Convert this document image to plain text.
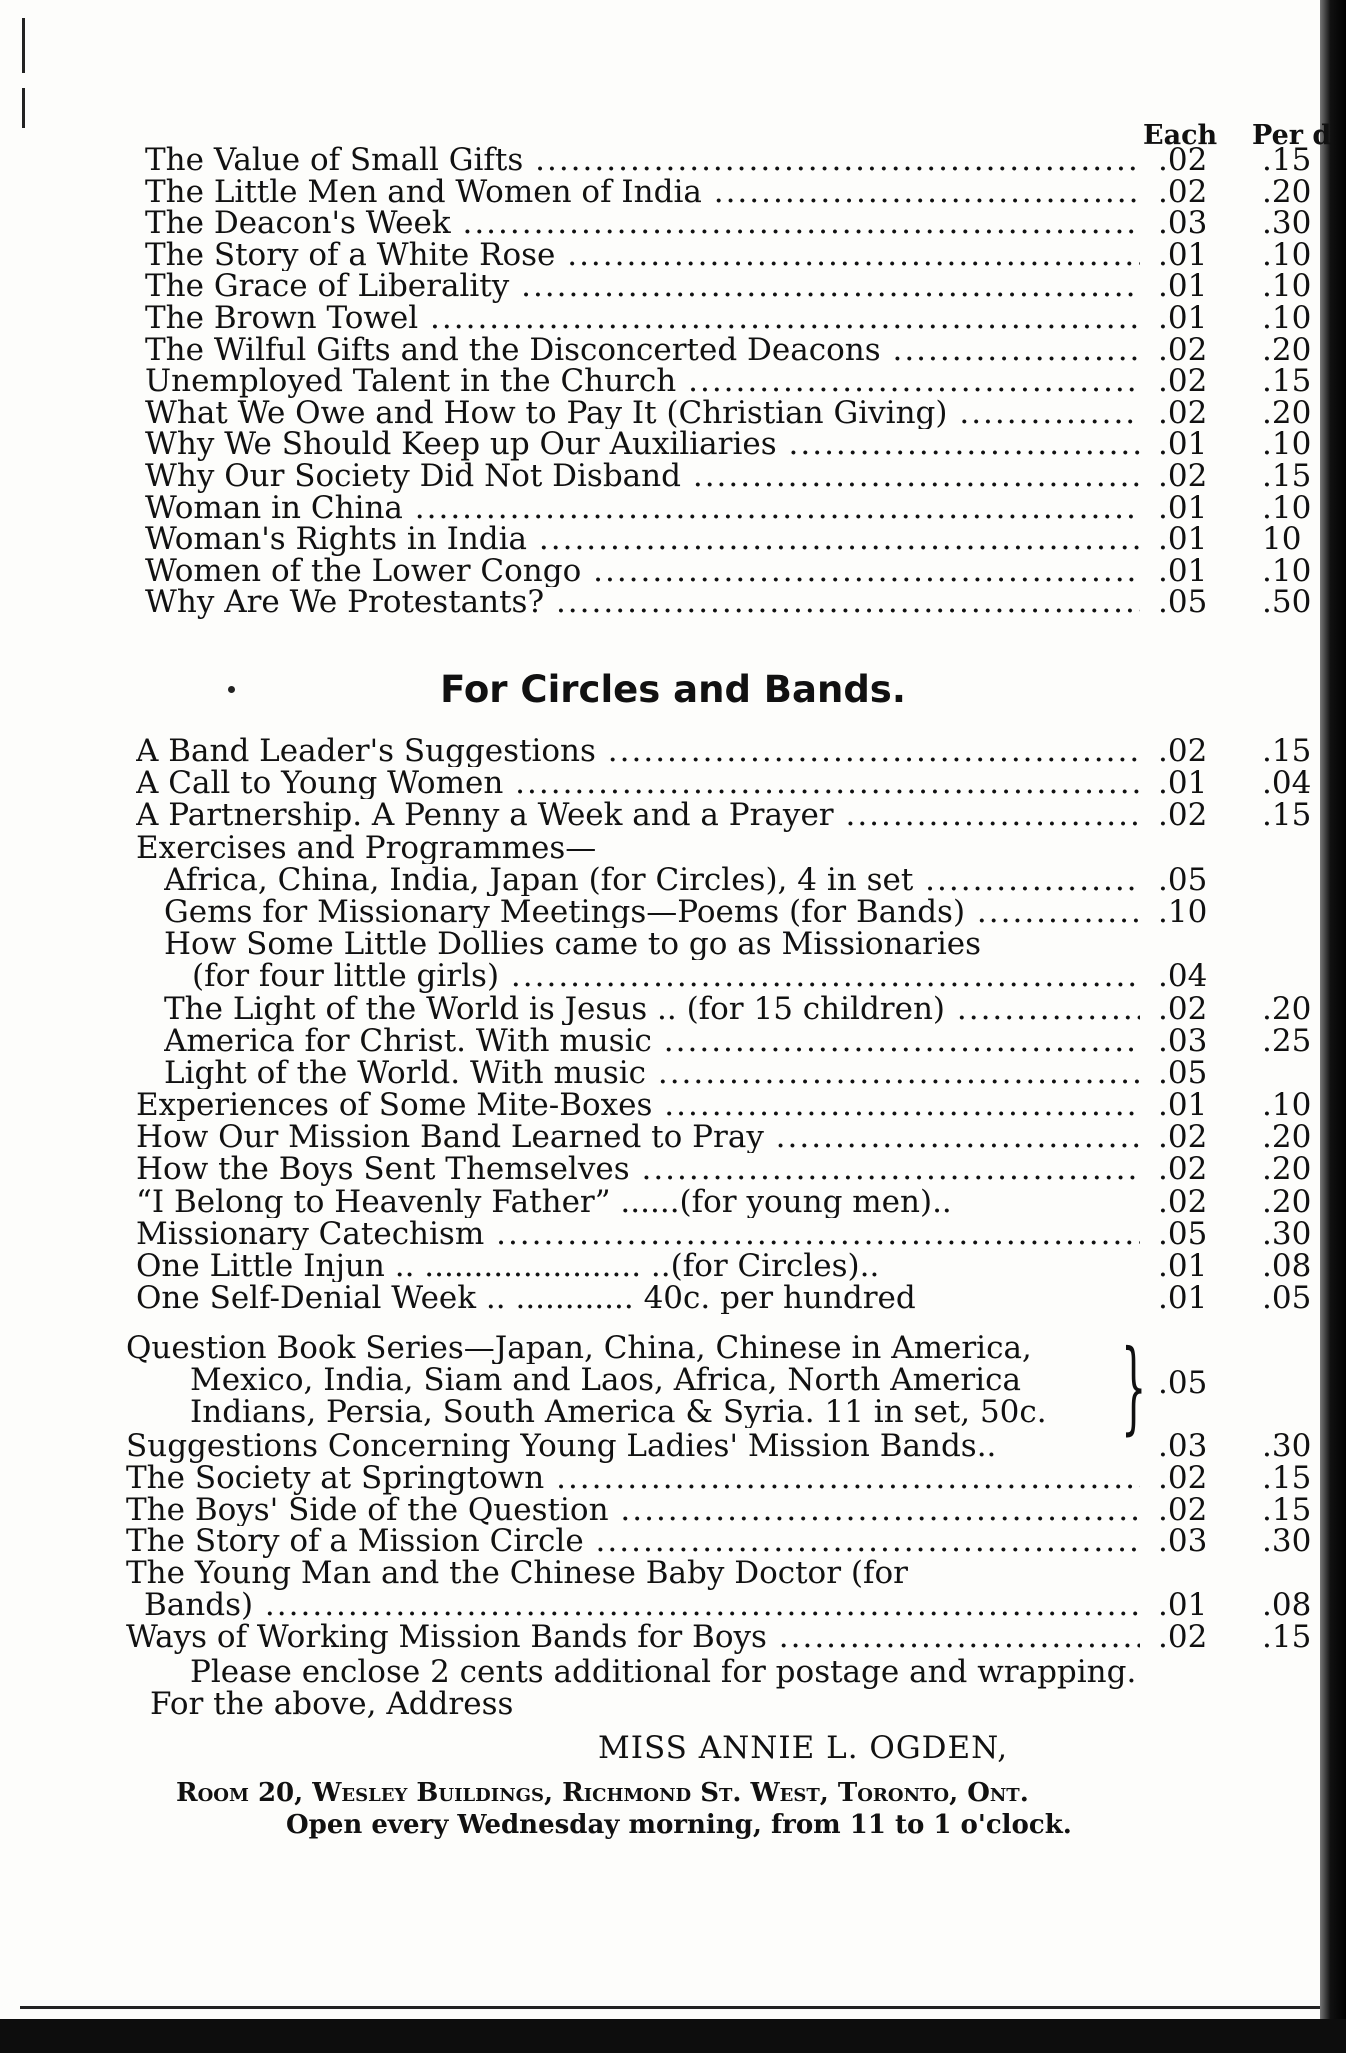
Each Per d
The Value of Small Gifts .....	.02 .15
The Little Men and Women of India .....	.02 .20
The Deacon's Week .....	.03 .30
The Story of a White Rose .....	.01 .10
The Grace of Liberality .....	.01 .10
The Brown Towel .....	.01 .10
The Wilful Gifts and the Disconcerted Deacons .....	.02 .20
Unemployed Talent in the Church .....	.02 .15
What We Owe and How to Pay It (Christian Giving) .....	.02 .20
Why We Should Keep up Our Auxiliaries .....	.01 .10
Why Our Society Did Not Disband .....	.02 .15
Woman in China .....	.01 .10
Woman's Rights in India .....	.01 10
Women of the Lower Congo .....	.01 .10
Why Are We Protestants? .....	.05 .50
For Circles and Bands.
A Band Leader's Suggestions .....	.02 .15
A Call to Young Women .....	.01 .04
A Partnership. A Penny a Week and a Prayer .....	.02 .15
Exercises and Programmes—
Africa, China, India, Japan (for Circles), 4 in set .....	.05
Gems for Missionary Meetings—Poems (for Bands) .....	.10
How Some Little Dollies came to go as Missionaries
(for four little girls) .....	.04
The Light of the World is Jesus .. (for 15 children) .....	.02 .20
America for Christ. With music .....	.03 .25
Light of the World. With music .....	.05
Experiences of Some Mite-Boxes .....	.01 .10
How Our Mission Band Learned to Pray .....	.02 .20
How the Boys Sent Themselves .....	.02 .20
“I Belong to Heavenly Father” ......(for young men)..	.02 .20
Missionary Catechism .....	.05 .30
One Little Injun .. ...................... ..(for Circles)..	.01 .08
One Self-Denial Week .. ............ 40c. per hundred	.01 .05
Question Book Series—Japan, China, Chinese in America,
Mexico, India, Siam and Laos, Africa, North America
Indians, Persia, South America & Syria. 11 in set, 50c. } .05
Suggestions Concerning Young Ladies' Mission Bands..	.03 .30
The Society at Springtown .....	.02 .15
The Boys' Side of the Question .....	.02 .15
The Story of a Mission Circle .....	.03 .30
The Young Man and the Chinese Baby Doctor (for
Bands) .....	.01 .08
Ways of Working Mission Bands for Boys .....	.02 .15
Please enclose 2 cents additional for postage and wrapping.
For the above, Address
MISS ANNIE L. OGDEN,
Room 20, Wesley Buildings, Richmond St. West, Toronto, Ont.
Open every Wednesday morning, from 11 to 1 o'clock.
